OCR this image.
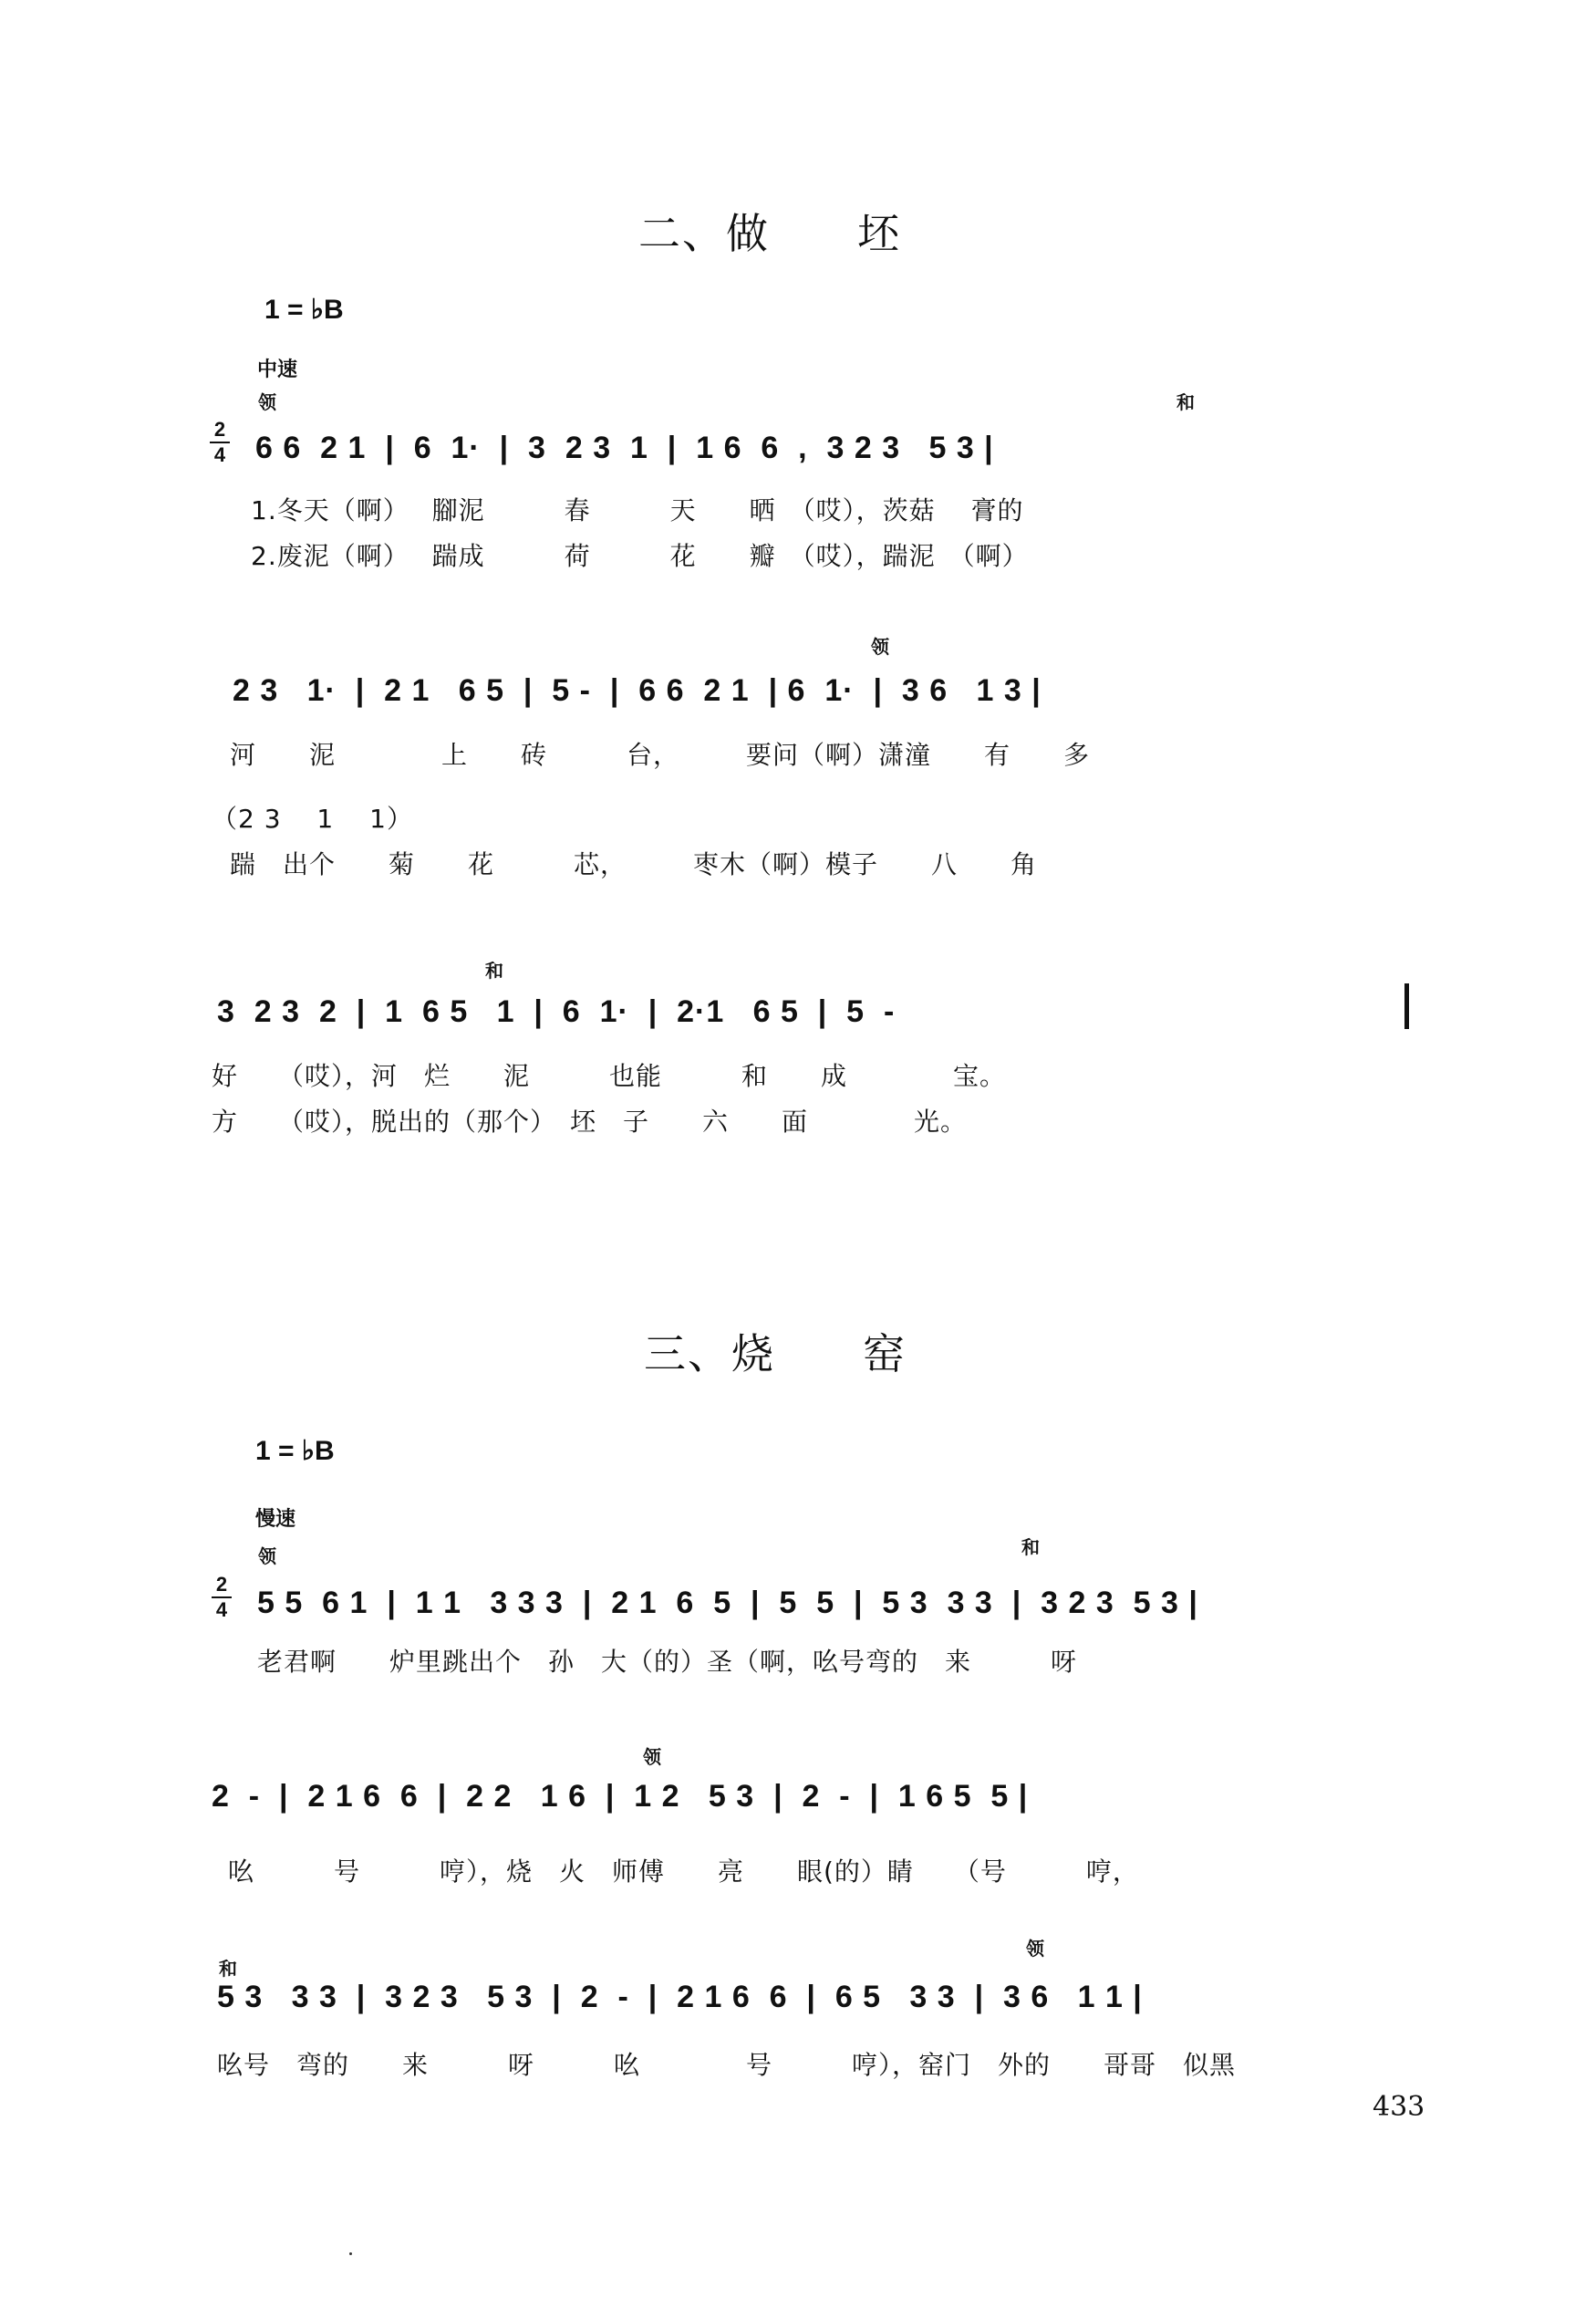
二、做　　坯
1 = ♭B
中速
领	和
2
4 6 6  2 1  |  6  1·  |  3  2 3  1  |  1 6  6  ,  3 2 3   5 3 |
1.冬天（啊）　 腳泥　　　春　　　天　　晒　（哎），茨菇　 膏的
2.废泥（啊）　 踹成　　　荷　　　花　　瓣　（哎），踹泥　（啊）
领
2 3   1·  |  2 1   6 5  |  5 -  |  6 6  2 1  | 6  1·  |  3 6   1 3 |
河　　泥　　　　上　　砖　　　台，　　　要问（啊）潇潼　　有　　多
（2 3　 1　 1）
踹　出个　　菊　　花　　　芯，　　　枣木（啊）模子　　八　　角
和
3  2 3  2  |  1  6 5   1  |  6  1·  |  2·1   6 5  |  5  -
好　　（哎），河　烂　　泥　　　也能　　　和　　成　　　　宝。
方　　（哎），脱出的（那个）　坯　子　　六　　面　　　　光。
三、烧　　窑
1 = ♭B
慢速
领	和
2
4 5 5  6 1  |  1 1   3 3 3  |  2 1  6  5  |  5  5  |  5 3  3 3  |  3 2 3  5 3 |
老君啊　　炉里跳出个　孙　大（的）圣（啊，吆号弯的　来　　　呀
领
2  -  |  2 1 6  6  |  2 2   1 6  |  1 2   5 3  |  2  -  |  1 6 5  5 |
吆　　　号　　　哼），烧　火　师傅　　亮　　眼(的）睛　　（号　　　哼，
和
领
5 3   3 3  |  3 2 3   5 3  |  2  -  |  2 1 6  6  |  6 5   3 3  |  3 6   1 1 |
吆号　弯的　　来　　　呀　　　吆　　　　号　　　哼），窑门　外的　　哥哥　似黑
433
